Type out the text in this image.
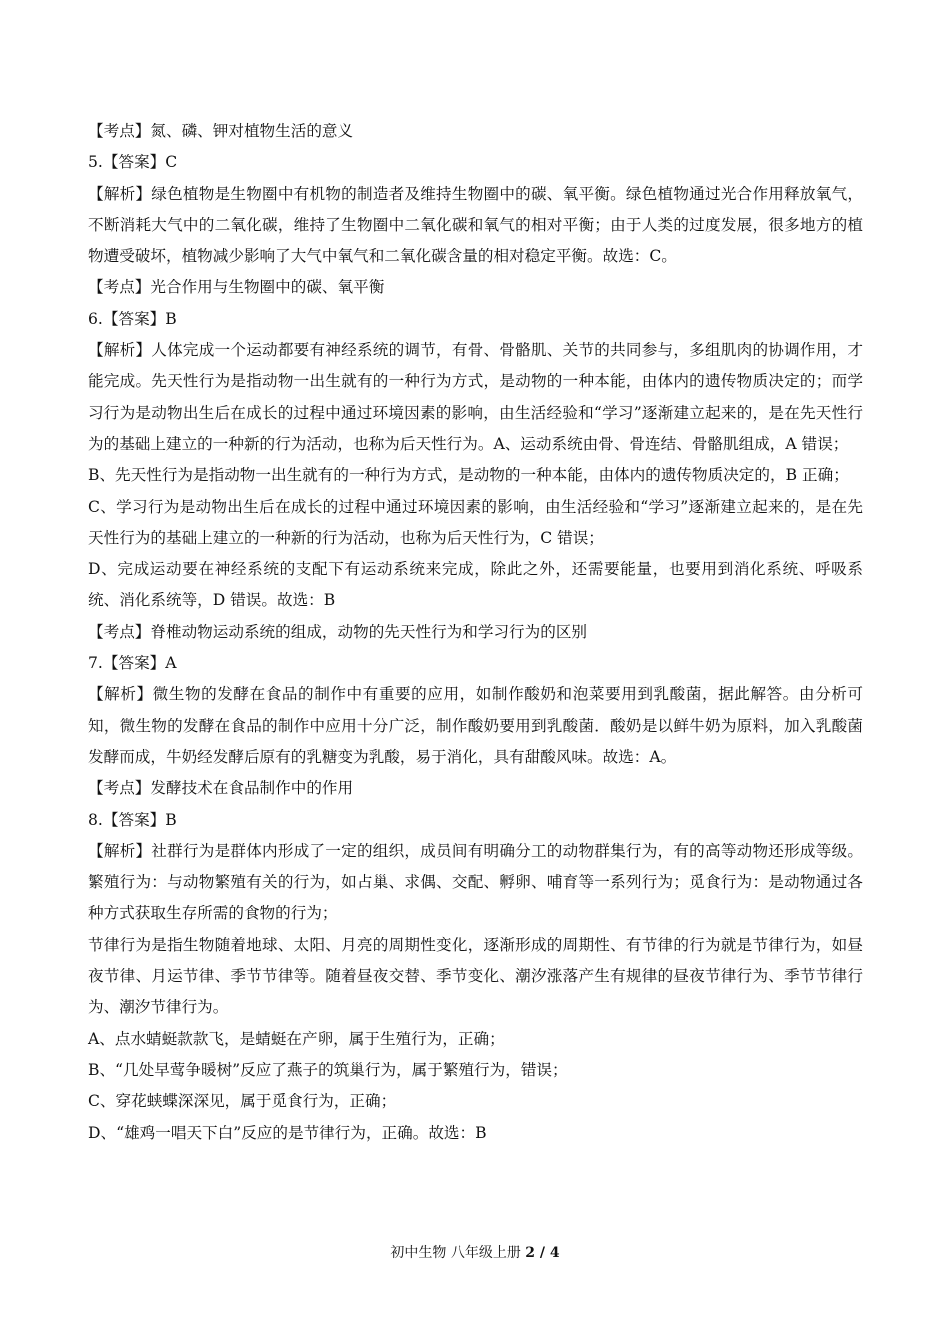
【考点】氮、磷、钾对植物生活的意义

5.【答案】C

【解析】绿色植物是生物圈中有机物的制造者及维持生物圈中的碳、氧平衡。绿色植物通过光合作用释放氧气，不断消耗大气中的二氧化碳，维持了生物圈中二氧化碳和氧气的相对平衡；由于人类的过度发展，很多地方的植物遭受破坏，植物减少影响了大气中氧气和二氧化碳含量的相对稳定平衡。故选：C。

【考点】光合作用与生物圈中的碳、氧平衡

6.【答案】B

【解析】人体完成一个运动都要有神经系统的调节，有骨、骨骼肌、关节的共同参与，多组肌肉的协调作用，才能完成。先天性行为是指动物一出生就有的一种行为方式，是动物的一种本能，由体内的遗传物质决定的；而学习行为是动物出生后在成长的过程中通过环境因素的影响，由生活经验和“学习”逐渐建立起来的，是在先天性行为的基础上建立的一种新的行为活动，也称为后天性行为。A、运动系统由骨、骨连结、骨骼肌组成，A 错误；

B、先天性行为是指动物一出生就有的一种行为方式，是动物的一种本能，由体内的遗传物质决定的，B 正确；

C、学习行为是动物出生后在成长的过程中通过环境因素的影响，由生活经验和“学习”逐渐建立起来的，是在先天性行为的基础上建立的一种新的行为活动，也称为后天性行为，C 错误；

D、完成运动要在神经系统的支配下有运动系统来完成，除此之外，还需要能量，也要用到消化系统、呼吸系统、消化系统等，D 错误。故选：B

【考点】脊椎动物运动系统的组成，动物的先天性行为和学习行为的区别

7.【答案】A

【解析】微生物的发酵在食品的制作中有重要的应用，如制作酸奶和泡菜要用到乳酸菌，据此解答。由分析可知，微生物的发酵在食品的制作中应用十分广泛，制作酸奶要用到乳酸菌．酸奶是以鲜牛奶为原料，加入乳酸菌发酵而成，牛奶经发酵后原有的乳糖变为乳酸，易于消化，具有甜酸风味。故选：A。

【考点】发酵技术在食品制作中的作用

8.【答案】B

【解析】社群行为是群体内形成了一定的组织，成员间有明确分工的动物群集行为，有的高等动物还形成等级。繁殖行为：与动物繁殖有关的行为，如占巢、求偶、交配、孵卵、哺育等一系列行为；觅食行为：是动物通过各种方式获取生存所需的食物的行为；

节律行为是指生物随着地球、太阳、月亮的周期性变化，逐渐形成的周期性、有节律的行为就是节律行为，如昼夜节律、月运节律、季节节律等。随着昼夜交替、季节变化、潮汐涨落产生有规律的昼夜节律行为、季节节律行为、潮汐节律行为。

A、点水蜻蜓款款飞，是蜻蜓在产卵，属于生殖行为，正确；

B、“几处早莺争暖树”反应了燕子的筑巢行为，属于繁殖行为，错误；

C、穿花蛱蝶深深见，属于觅食行为，正确；

D、“雄鸡一唱天下白”反应的是节律行为，正确。故选：B

初中生物 八年级上册 2 / 4
